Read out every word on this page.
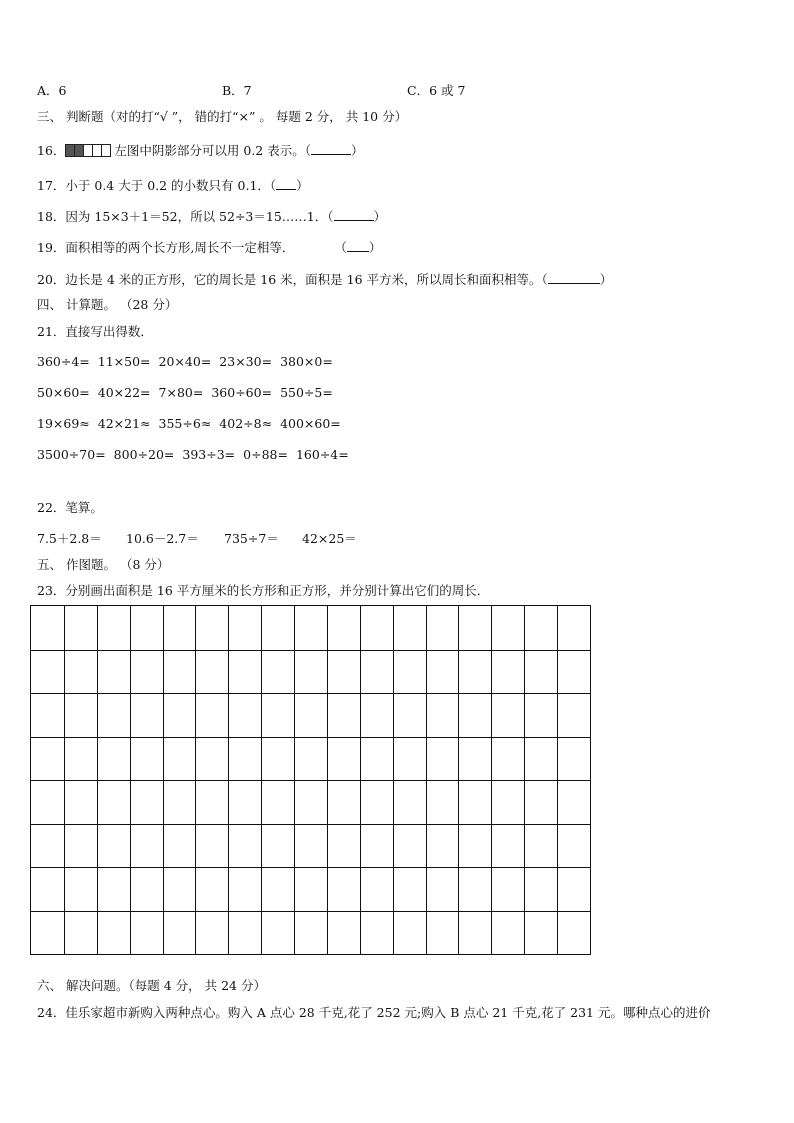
A．6	B．7	C．6 或 7
三、 判断题（对的打“√ ”， 错的打“×” 。 每题 2 分， 共 10 分）
16．	左图中阴影部分可以用 0.2 表示。（	）
17．小于 0.4 大于 0.2 的小数只有 0.1．（ ）
18．因为 15×3＋1＝52，所以 52÷3＝15……1．（	）
19．面积相等的两个长方形,周长不一定相等．	（ ）
20．边长是 4 米的正方形，它的周长是 16 米，面积是 16 平方米，所以周长和面积相等。（	）
四、 计算题。 （28 分）
21．直接写出得数．
360÷4= 11×50= 20×40= 23×30= 380×0=
50×60= 40×22= 7×80= 360÷60= 550÷5=
19×69≈ 42×21≈ 355÷6≈ 402÷8≈ 400×60=
3500÷70= 800÷20= 393÷3= 0÷88= 160÷4=
22．笔算。
7.5＋2.8＝ 10.6－2.7＝ 735÷7＝ 42×25＝
五、 作图题。 （8 分）
23．分别画出面积是 16 平方厘米的长方形和正方形，并分别计算出它们的周长．
六、 解决问题。（每题 4 分， 共 24 分）
24．佳乐家超市新购入两种点心。购入 A 点心 28 千克,花了 252 元;购入 B 点心 21 千克,花了 231 元。哪种点心的进价
